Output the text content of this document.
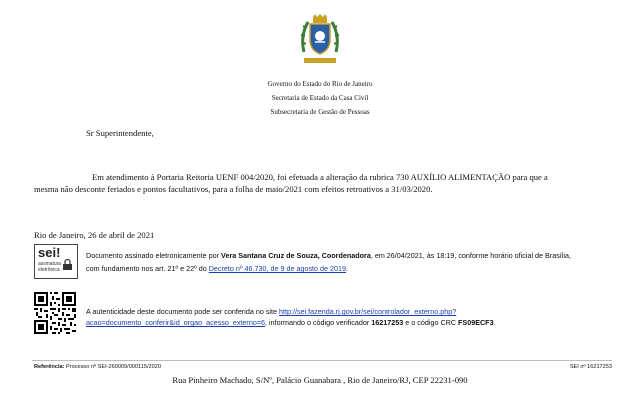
Governo do Estado do Rio de Janeiro
Secretaria de Estado da Casa Civil
Subsecretaria de Gestão de Pessoas
Sr Superintendente,
Em atendimento à Portaria Reitoria UENF 004/2020, foi efetuada a alteração da rubrica 730 AUXÍLIO ALIMENTAÇÃO para que a
mesma não desconte feriados e pontos facultativos, para a folha de maio/2021 com efeitos retroativos a 31/03/2020.
Rio de Janeiro, 26 de abril de 2021
sei!
assinatura
eletrônica
Documento assinado eletronicamente por Vera Santana Cruz de Souza, Coordenadora, em 26/04/2021, às 18:19, conforme horário oficial de Brasília,
com fundamento nos art. 21º e 22º do Decreto nº 46.730, de 9 de agosto de 2019.
A autenticidade deste documento pode ser conferida no site http://sei.fazenda.rj.gov.br/sei/controlador_externo.php?
acao=documento_conferir&id_orgao_acesso_externo=6, informando o código verificador 16217253 e o código CRC FS09ECF3.
Referência: Processo nº SEI-260009/000115/2020	SEI nº 16217253
Rua Pinheiro Machado, S/Nº, Palácio Guanabara , Rio de Janeiro/RJ, CEP 22231-090
